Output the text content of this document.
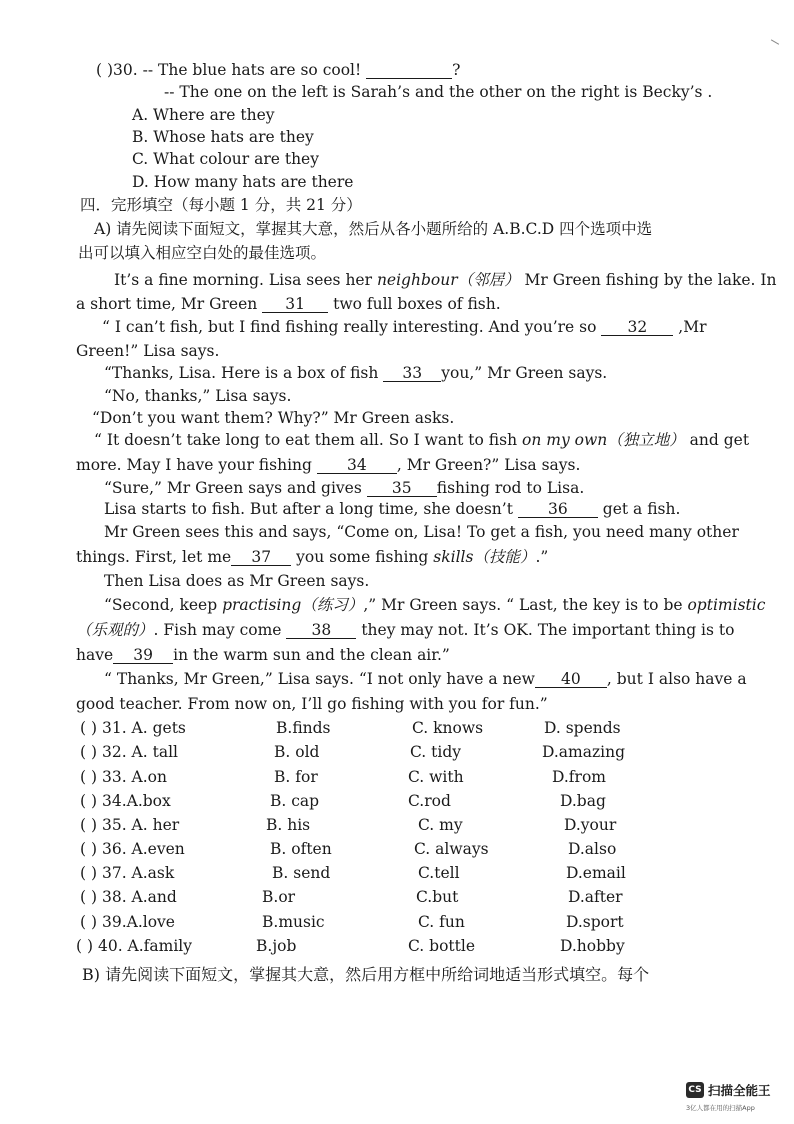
( )30. -- The blue hats are so cool!	?
-- The one on the left is Sarah’s and the other on the right is Becky’s .
A. Where are they
B. Whose hats are they
C. What colour are they
D. How many hats are there
四．完形填空（每小题 1 分，共 21 分）
A) 请先阅读下面短文，掌握其大意，然后从各小题所给的 A.B.C.D 四个选项中选
出可以填入相应空白处的最佳选项。
It’s a fine morning. Lisa sees her neighbour（邻居） Mr Green fishing by the lake. In
a short time, Mr Green 31 two full boxes of fish.
“ I can’t fish, but I find fishing really interesting. And you’re so 32 ,Mr
Green!” Lisa says.
“Thanks, Lisa. Here is a box of fish 33 you,” Mr Green says.
“No, thanks,” Lisa says.
“Don’t you want them? Why?” Mr Green asks.
“ It doesn’t take long to eat them all. So I want to fish on my own（独立地） and get
more. May I have your fishing 34 , Mr Green?” Lisa says.
“Sure,” Mr Green says and gives 35 fishing rod to Lisa.
Lisa starts to fish. But after a long time, she doesn’t 36 get a fish.
Mr Green sees this and says, “Come on, Lisa! To get a fish, you need many other
things. First, let me 37 you some fishing skills（技能）.”
Then Lisa does as Mr Green says.
“Second, keep practising（练习）,” Mr Green says. “ Last, the key is to be optimistic
（乐观的）. Fish may come 38 they may not. It’s OK. The important thing is to
have 39 in the warm sun and the clean air.”
“ Thanks, Mr Green,” Lisa says. “I not only have a new 40 , but I also have a
good teacher. From now on, I’ll go fishing with you for fun.”
( ) 31. A. gets	B.finds	C. knows	D. spends
( ) 32. A. tall	B. old	C. tidy	D.amazing
( ) 33. A.on	B. for	C. with	D.from
( ) 34.A.box	B. cap	C.rod	D.bag
( ) 35. A. her	B. his	C. my	D.your
( ) 36. A.even	B. often	C. always	D.also
( ) 37. A.ask	B. send	C.tell	D.email
( ) 38. A.and	B.or	C.but	D.after
( ) 39.A.love	B.music	C. fun	D.sport
( ) 40. A.family	B.job	C. bottle	D.hobby
B) 请先阅读下面短文，掌握其大意，然后用方框中所给词地适当形式填空。每个
CS 扫描全能王
3亿人都在用的扫描App
